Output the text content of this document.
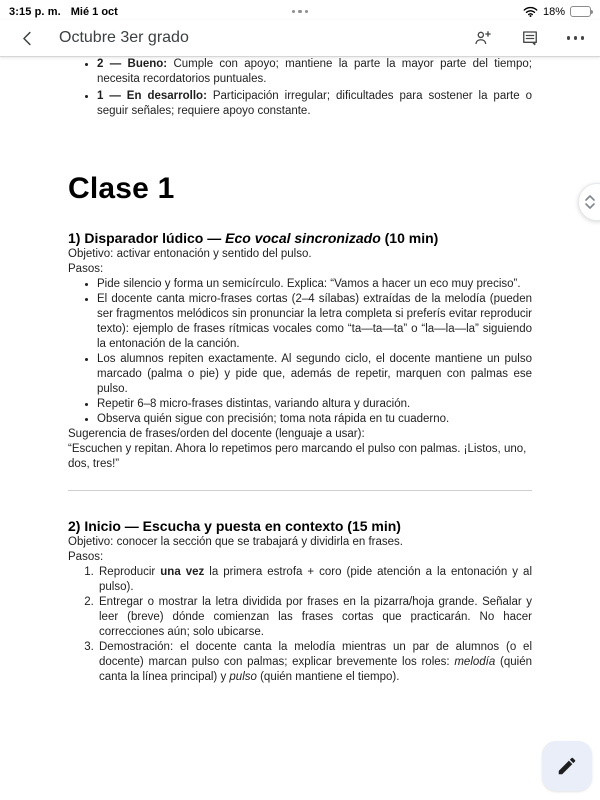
3:15 p. m. Mié 1 oct	18%
Octubre 3er grado
• 2 — Bueno: Cumple con apoyo; mantiene la parte la mayor parte del tiempo; necesita recordatorios puntuales.
• 1 — En desarrollo: Participación irregular; dificultades para sostener la parte o seguir señales; requiere apoyo constante.
Clase 1
1) Disparador lúdico — Eco vocal sincronizado (10 min)

Objetivo: activar entonación y sentido del pulso.

Pasos:

• Pide silencio y forma un semicírculo. Explica: “Vamos a hacer un eco muy preciso”.
• El docente canta micro-frases cortas (2–4 sílabas) extraídas de la melodía (pueden ser fragmentos melódicos sin pronunciar la letra completa si preferís evitar reproducir texto): ejemplo de frases rítmicas vocales como “ta—ta—ta” o “la—la—la” siguiendo la entonación de la canción.
• Los alumnos repiten exactamente. Al segundo ciclo, el docente mantiene un pulso marcado (palma o pie) y pide que, además de repetir, marquen con palmas ese pulso.
• Repetir 6–8 micro-frases distintas, variando altura y duración.
• Observa quién sigue con precisión; toma nota rápida en tu cuaderno.

Sugerencia de frases/orden del docente (lenguaje a usar):

“Escuchen y repitan. Ahora lo repetimos pero marcando el pulso con palmas. ¡Listos, uno, dos, tres!”

2) Inicio — Escucha y puesta en contexto (15 min)

Objetivo: conocer la sección que se trabajará y dividirla en frases.

Pasos:

1. Reproducir una vez la primera estrofa + coro (pide atención a la entonación y al pulso).
2. Entregar o mostrar la letra dividida por frases en la pizarra/hoja grande. Señalar y leer (breve) dónde comienzan las frases cortas que practicarán. No hacer correcciones aún; solo ubicarse.
3. Demostración: el docente canta la melodía mientras un par de alumnos (o el docente) marcan pulso con palmas; explicar brevemente los roles: melodía (quién canta la línea principal) y pulso (quién mantiene el tiempo).
